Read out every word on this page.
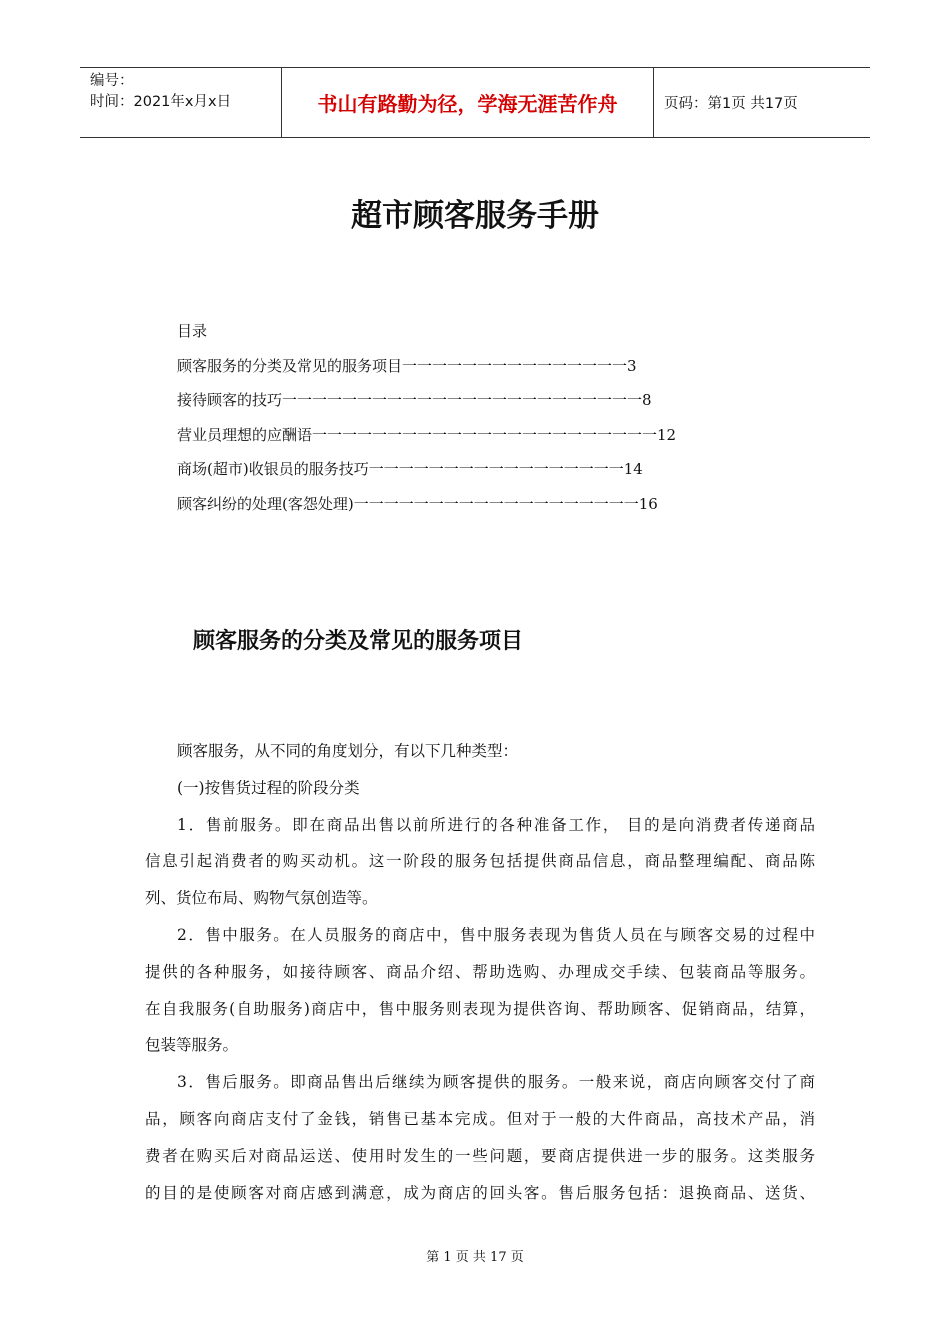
编号：
时间：2021年x月x日	书山有路勤为径，学海无涯苦作舟	页码：第1页 共17页
超市顾客服务手册
目录
顾客服务的分类及常见的服务项目一一一一一一一一一一一一一一一3
接待顾客的技巧一一一一一一一一一一一一一一一一一一一一一一一一8
营业员理想的应酬语一一一一一一一一一一一一一一一一一一一一一一一12
商场(超市)收银员的服务技巧一一一一一一一一一一一一一一一一一14
顾客纠纷的处理(客怨处理)一一一一一一一一一一一一一一一一一一一16
顾客服务的分类及常见的服务项目
顾客服务，从不同的角度划分，有以下几种类型：
(一)按售货过程的阶段分类
1．售前服务。即在商品出售以前所进行的各种准备工作， 目的是向消费者传递商品
信息引起消费者的购买动机。这一阶段的服务包括提供商品信息，商品整理编配、商品陈
列、货位布局、购物气氛创造等。
2．售中服务。在人员服务的商店中，售中服务表现为售货人员在与顾客交易的过程中
提供的各种服务，如接待顾客、商品介绍、帮助选购、办理成交手续、包装商品等服务。
在自我服务(自助服务)商店中，售中服务则表现为提供咨询、帮助顾客、促销商品，结算，
包装等服务。
3．售后服务。即商品售出后继续为顾客提供的服务。一般来说，商店向顾客交付了商
品，顾客向商店支付了金钱，销售已基本完成。但对于一般的大件商品，高技术产品，消
费者在购买后对商品运送、使用时发生的一些问题，要商店提供进一步的服务。这类服务
的目的是使顾客对商店感到满意，成为商店的回头客。售后服务包括：退换商品、送货、
第 1 页 共 17 页
